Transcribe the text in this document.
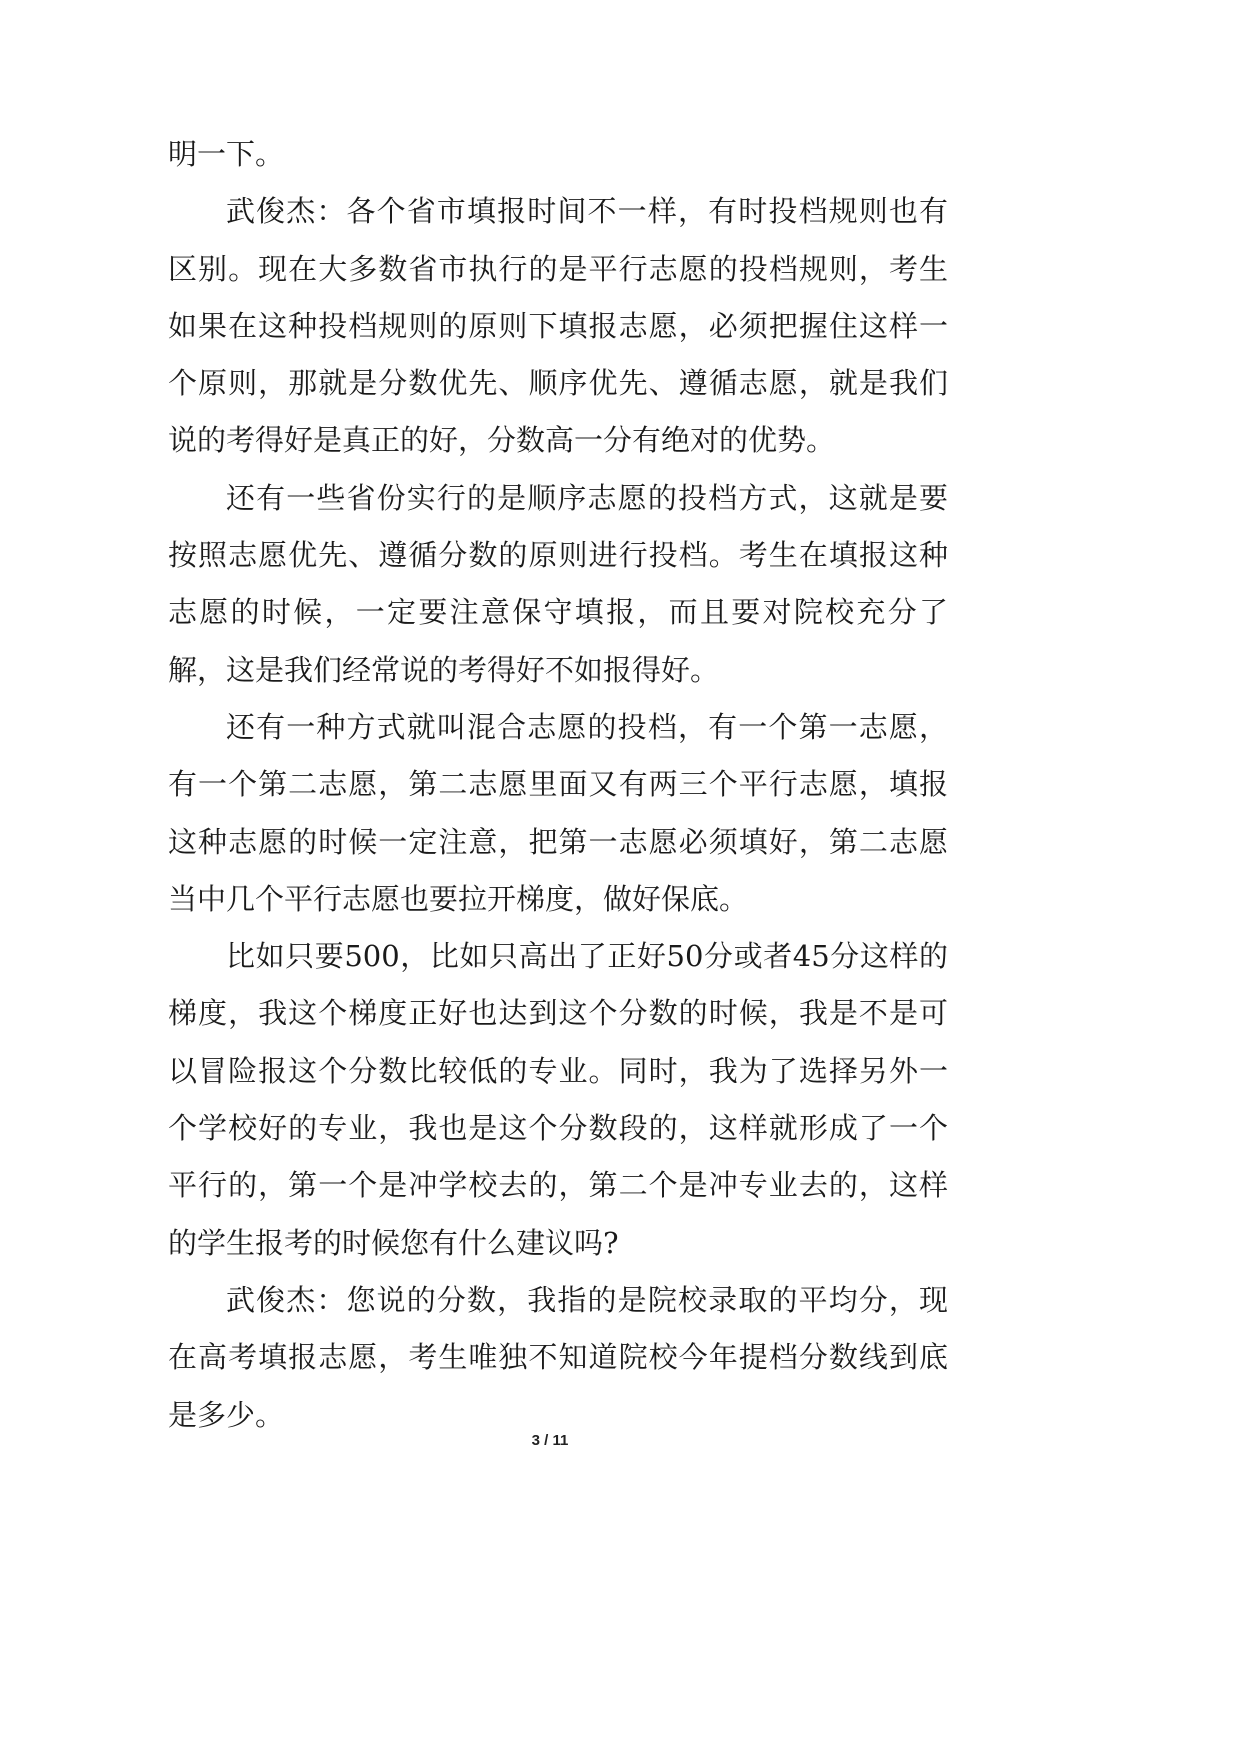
明一下。

武俊杰：各个省市填报时间不一样，有时投档规则也有区别。现在大多数省市执行的是平行志愿的投档规则，考生如果在这种投档规则的原则下填报志愿，必须把握住这样一个原则，那就是分数优先、顺序优先、遵循志愿，就是我们说的考得好是真正的好，分数高一分有绝对的优势。

还有一些省份实行的是顺序志愿的投档方式，这就是要按照志愿优先、遵循分数的原则进行投档。考生在填报这种志愿的时候，一定要注意保守填报，而且要对院校充分了解，这是我们经常说的考得好不如报得好。

还有一种方式就叫混合志愿的投档，有一个第一志愿，有一个第二志愿，第二志愿里面又有两三个平行志愿，填报这种志愿的时候一定注意，把第一志愿必须填好，第二志愿当中几个平行志愿也要拉开梯度，做好保底。

比如只要500，比如只高出了正好50分或者45分这样的梯度，我这个梯度正好也达到这个分数的时候，我是不是可以冒险报这个分数比较低的专业。同时，我为了选择另外一个学校好的专业，我也是这个分数段的，这样就形成了一个平行的，第一个是冲学校去的，第二个是冲专业去的，这样的学生报考的时候您有什么建议吗?

武俊杰：您说的分数，我指的是院校录取的平均分，现在高考填报志愿，考生唯独不知道院校今年提档分数线到底是多少。

3 / 11
